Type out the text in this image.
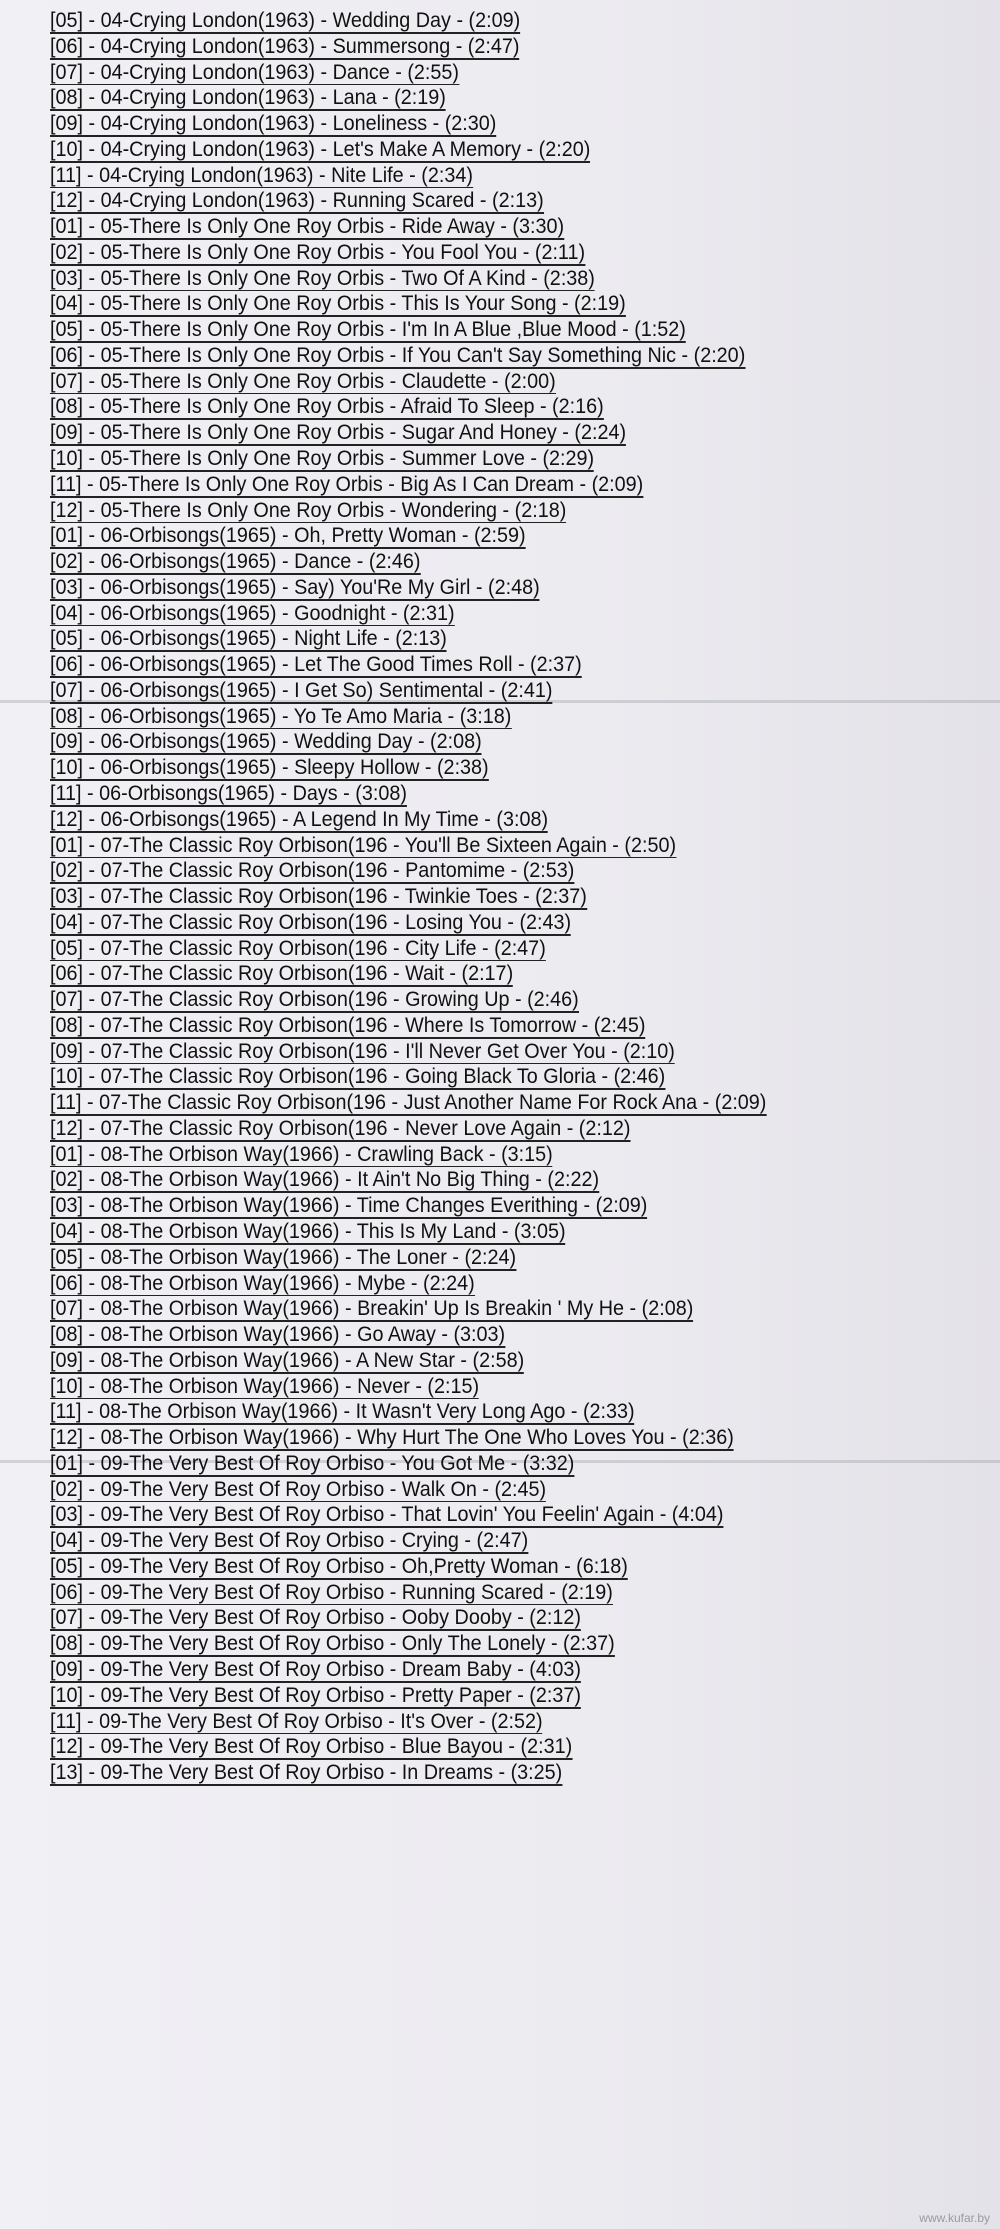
[05] - 04-Crying London(1963) - Wedding Day - (2:09)
[06] - 04-Crying London(1963) - Summersong - (2:47)
[07] - 04-Crying London(1963) - Dance - (2:55)
[08] - 04-Crying London(1963) - Lana - (2:19)
[09] - 04-Crying London(1963) - Loneliness - (2:30)
[10] - 04-Crying London(1963) - Let's Make A Memory - (2:20)
[11] - 04-Crying London(1963) - Nite Life - (2:34)
[12] - 04-Crying London(1963) - Running Scared - (2:13)
[01] - 05-There Is Only One Roy Orbis - Ride Away - (3:30)
[02] - 05-There Is Only One Roy Orbis - You Fool You - (2:11)
[03] - 05-There Is Only One Roy Orbis - Two Of A Kind - (2:38)
[04] - 05-There Is Only One Roy Orbis - This Is Your Song - (2:19)
[05] - 05-There Is Only One Roy Orbis - I'm In A Blue ,Blue Mood - (1:52)
[06] - 05-There Is Only One Roy Orbis - If You Can't Say Something Nic - (2:20)
[07] - 05-There Is Only One Roy Orbis - Claudette - (2:00)
[08] - 05-There Is Only One Roy Orbis - Afraid To Sleep - (2:16)
[09] - 05-There Is Only One Roy Orbis - Sugar And Honey - (2:24)
[10] - 05-There Is Only One Roy Orbis - Summer Love - (2:29)
[11] - 05-There Is Only One Roy Orbis - Big As I Can Dream - (2:09)
[12] - 05-There Is Only One Roy Orbis - Wondering - (2:18)
[01] - 06-Orbisongs(1965) - Oh, Pretty Woman - (2:59)
[02] - 06-Orbisongs(1965) - Dance - (2:46)
[03] - 06-Orbisongs(1965) - Say) You'Re My Girl - (2:48)
[04] - 06-Orbisongs(1965) - Goodnight - (2:31)
[05] - 06-Orbisongs(1965) - Night Life - (2:13)
[06] - 06-Orbisongs(1965) - Let The Good Times Roll - (2:37)
[07] - 06-Orbisongs(1965) - I Get So) Sentimental - (2:41)
[08] - 06-Orbisongs(1965) - Yo Te Amo Maria - (3:18)
[09] - 06-Orbisongs(1965) - Wedding Day - (2:08)
[10] - 06-Orbisongs(1965) - Sleepy Hollow - (2:38)
[11] - 06-Orbisongs(1965) - Days - (3:08)
[12] - 06-Orbisongs(1965) - A Legend In My Time - (3:08)
[01] - 07-The Classic Roy Orbison(196 - You'll Be Sixteen Again - (2:50)
[02] - 07-The Classic Roy Orbison(196 - Pantomime - (2:53)
[03] - 07-The Classic Roy Orbison(196 - Twinkie Toes - (2:37)
[04] - 07-The Classic Roy Orbison(196 - Losing You - (2:43)
[05] - 07-The Classic Roy Orbison(196 - City Life - (2:47)
[06] - 07-The Classic Roy Orbison(196 - Wait - (2:17)
[07] - 07-The Classic Roy Orbison(196 - Growing Up - (2:46)
[08] - 07-The Classic Roy Orbison(196 - Where Is Tomorrow - (2:45)
[09] - 07-The Classic Roy Orbison(196 - I'll Never Get Over You - (2:10)
[10] - 07-The Classic Roy Orbison(196 - Going Black To Gloria - (2:46)
[11] - 07-The Classic Roy Orbison(196 - Just Another Name For Rock Ana - (2:09)
[12] - 07-The Classic Roy Orbison(196 - Never Love Again - (2:12)
[01] - 08-The Orbison Way(1966) - Crawling Back - (3:15)
[02] - 08-The Orbison Way(1966) - It Ain't No Big Thing - (2:22)
[03] - 08-The Orbison Way(1966) - Time Changes Everithing - (2:09)
[04] - 08-The Orbison Way(1966) - This Is My Land - (3:05)
[05] - 08-The Orbison Way(1966) - The Loner - (2:24)
[06] - 08-The Orbison Way(1966) - Mybe - (2:24)
[07] - 08-The Orbison Way(1966) - Breakin' Up Is Breakin ' My He - (2:08)
[08] - 08-The Orbison Way(1966) - Go Away - (3:03)
[09] - 08-The Orbison Way(1966) - A New Star - (2:58)
[10] - 08-The Orbison Way(1966) - Never - (2:15)
[11] - 08-The Orbison Way(1966) - It Wasn't Very Long Ago - (2:33)
[12] - 08-The Orbison Way(1966) - Why Hurt The One Who Loves You - (2:36)
[01] - 09-The Very Best Of Roy Orbiso - You Got Me - (3:32)
[02] - 09-The Very Best Of Roy Orbiso - Walk On - (2:45)
[03] - 09-The Very Best Of Roy Orbiso - That Lovin' You Feelin' Again - (4:04)
[04] - 09-The Very Best Of Roy Orbiso - Crying - (2:47)
[05] - 09-The Very Best Of Roy Orbiso - Oh,Pretty Woman - (6:18)
[06] - 09-The Very Best Of Roy Orbiso - Running Scared - (2:19)
[07] - 09-The Very Best Of Roy Orbiso - Ooby Dooby - (2:12)
[08] - 09-The Very Best Of Roy Orbiso - Only The Lonely - (2:37)
[09] - 09-The Very Best Of Roy Orbiso - Dream Baby - (4:03)
[10] - 09-The Very Best Of Roy Orbiso - Pretty Paper - (2:37)
[11] - 09-The Very Best Of Roy Orbiso - It's Over - (2:52)
[12] - 09-The Very Best Of Roy Orbiso - Blue Bayou - (2:31)
[13] - 09-The Very Best Of Roy Orbiso - In Dreams - (3:25)
www.kufar.by
